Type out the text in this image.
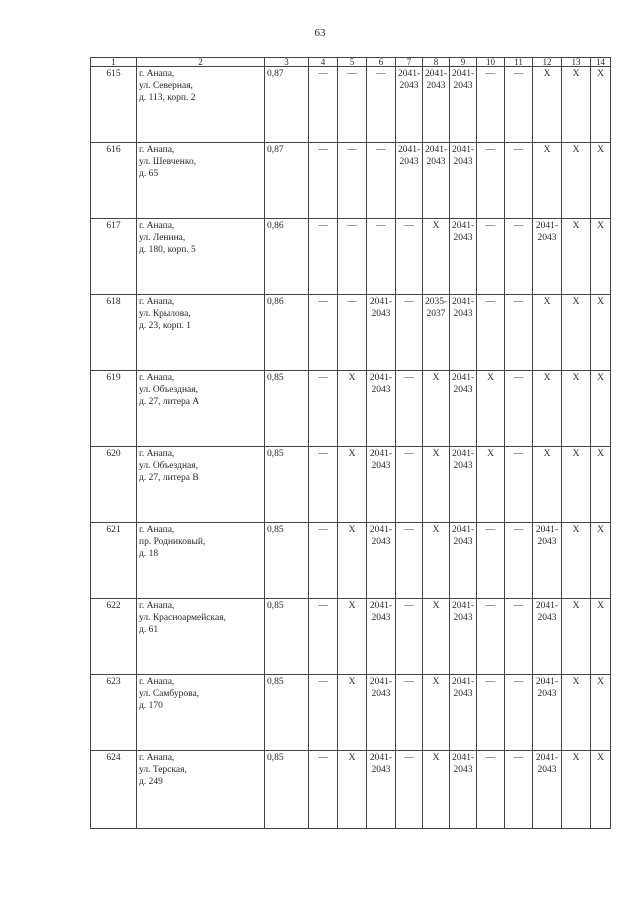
63
1	2	3	4	5	6	7	8	9	10	11	12	13	14
615	г. Анапа,
ул. Северная,
д. 113, корп. 2	0,87	—	—	—	2041-
2043	2041-
2043	2041-
2043	—	—	X	X	X
616	г. Анапа,
ул. Шевченко,
д. 65	0,87	—	—	—	2041-
2043	2041-
2043	2041-
2043	—	—	X	X	X
617	г. Анапа,
ул. Ленина,
д. 180, корп. 5	0,86	—	—	—	—	X	2041-
2043	—	—	2041-
2043	X	X
618	г. Анапа,
ул. Крылова,
д. 23, корп. 1	0,86	—	—	2041-
2043	—	2035-
2037	2041-
2043	—	—	X	X	X
619	г. Анапа,
ул. Объездная,
д. 27, литера А	0,85	—	X	2041-
2043	—	X	2041-
2043	X	—	X	X	X
620	г. Анапа,
ул. Объездная,
д. 27, литера В	0,85	—	X	2041-
2043	—	X	2041-
2043	X	—	X	X	X
621	г. Анапа,
пр. Родниковый,
д. 18	0,85	—	X	2041-
2043	—	X	2041-
2043	—	—	2041-
2043	X	X
622	г. Анапа,
ул. Красноармейская,
д. 61	0,85	—	X	2041-
2043	—	X	2041-
2043	—	—	2041-
2043	X	X
623	г. Анапа,
ул. Самбурова,
д. 170	0,85	—	X	2041-
2043	—	X	2041-
2043	—	—	2041-
2043	X	X
624	г. Анапа,
ул. Терская,
д. 249	0,85	—	X	2041-
2043	—	X	2041-
2043	—	—	2041-
2043	X	X
